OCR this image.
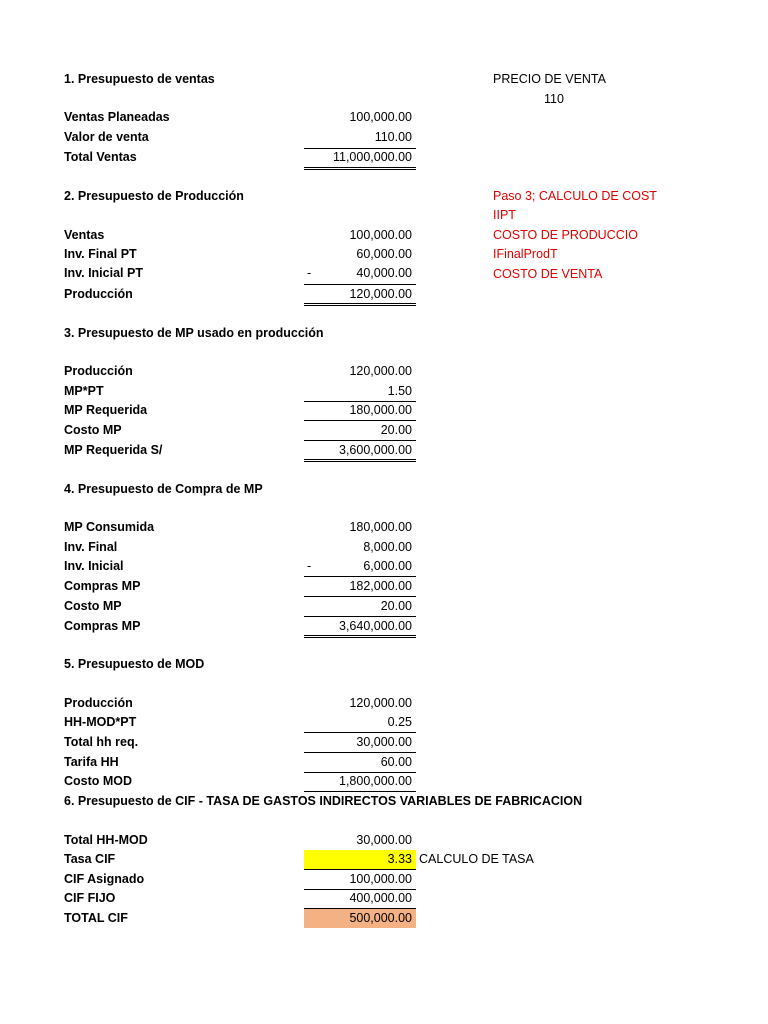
PRECIO DE VENTA
110
Paso 3; CALCULO DE COST
IIPT
COSTO DE PRODUCCIO
IFinalProdT
COSTO DE VENTA
1. Presupuesto de ventas
Ventas Planeadas	100,000.00
Valor de venta	110.00
Total Ventas	11,000,000.00
2. Presupuesto de Producción
Ventas	100,000.00
Inv. Final PT	60,000.00
Inv. Inicial PT	-	40,000.00
Producción	120,000.00
3. Presupuesto de MP usado en producción
Producción	120,000.00
MP*PT	1.50
MP Requerida	180,000.00
Costo MP	20.00
MP Requerida S/	3,600,000.00
4. Presupuesto de Compra de MP
MP Consumida	180,000.00
Inv. Final	8,000.00
Inv. Inicial	-	6,000.00
Compras MP	182,000.00
Costo MP	20.00
Compras MP	3,640,000.00
5. Presupuesto de MOD
Producción	120,000.00
HH-MOD*PT	0.25
Total hh req.	30,000.00
Tarifa HH	60.00
Costo MOD	1,800,000.00
6. Presupuesto de CIF - TASA DE GASTOS INDIRECTOS VARIABLES DE FABRICACION
Total HH-MOD	30,000.00
Tasa CIF	3.33 CALCULO DE TASA
CIF Asignado	100,000.00
CIF FIJO	400,000.00
TOTAL CIF	500,000.00
